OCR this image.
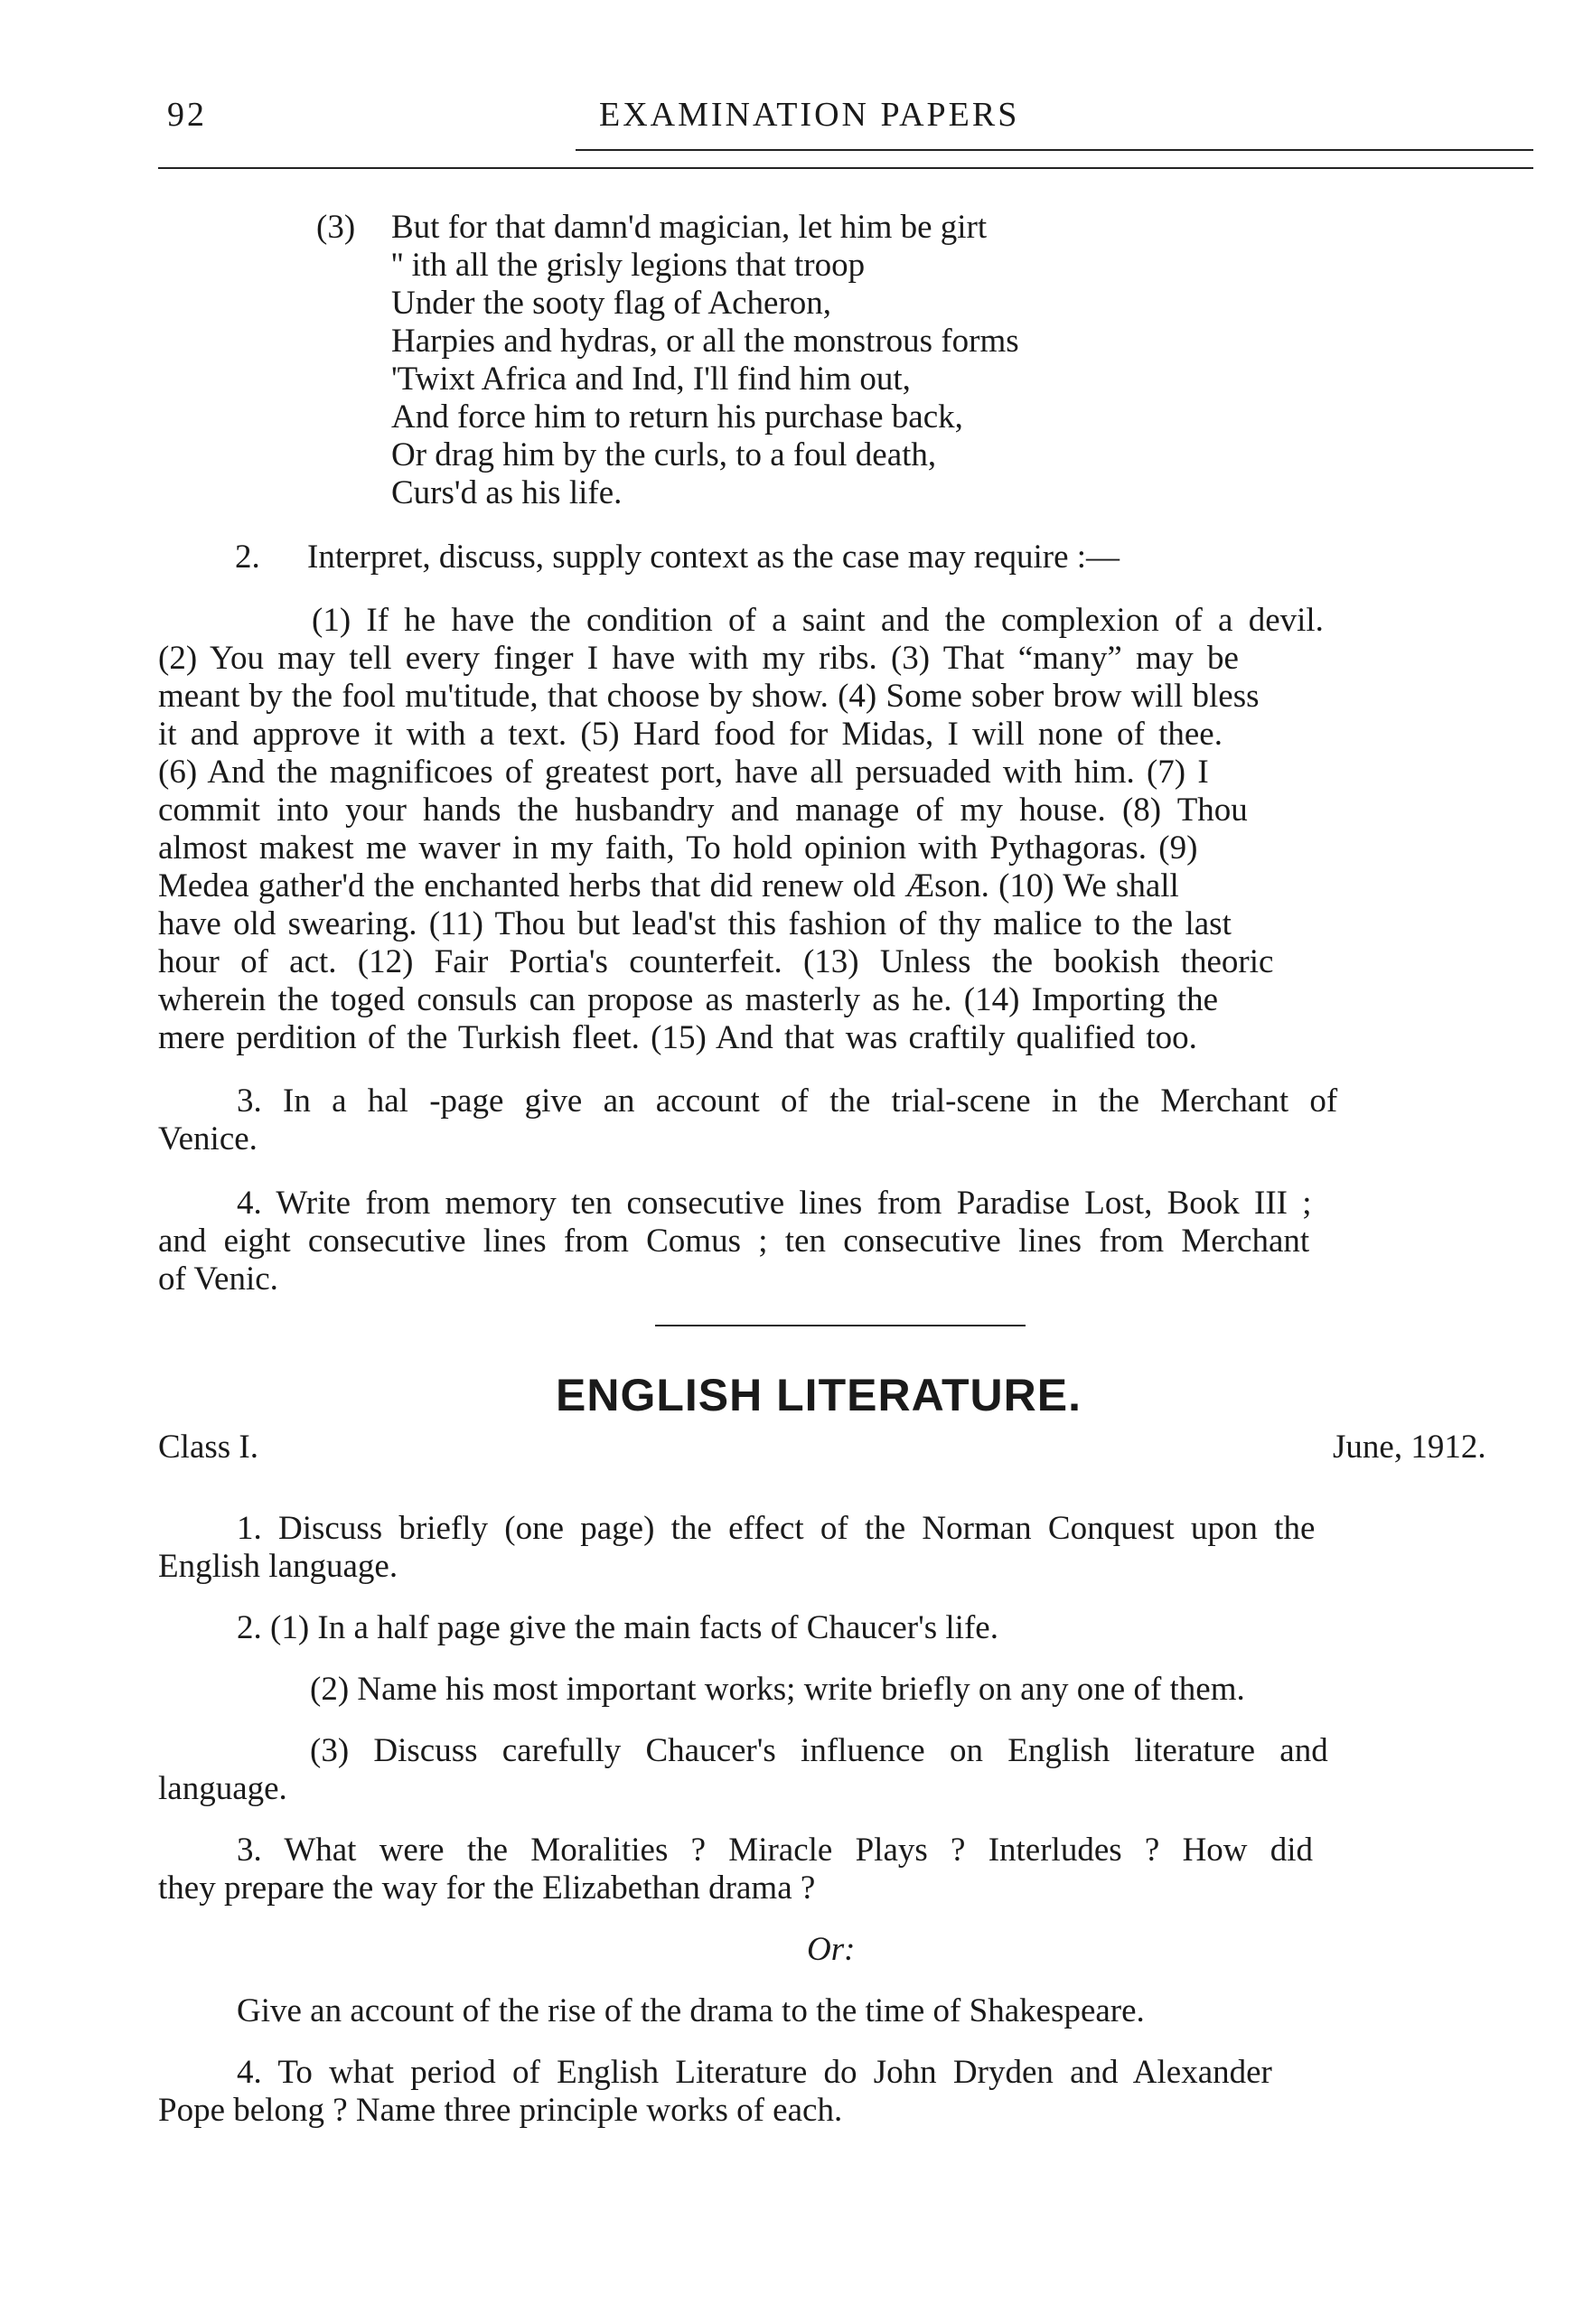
92	EXAMINATION PAPERS
(3) But for that damn'd magician, let him be girt
'' ith all the grisly legions that troop
Under the sooty flag of Acheron,
Harpies and hydras, or all the monstrous forms
'Twixt Africa and Ind, I'll find him out,
And force him to return his purchase back,
Or drag him by the curls, to a foul death,
Curs'd as his life.
2. Interpret, discuss, supply context as the case may require :—
(1) If he have the condition of a saint and the complexion of a devil.
(2) You may tell every finger I have with my ribs. (3) That “many” may be
meant by the fool mu'titude, that choose by show. (4) Some sober brow will bless
it and approve it with a text. (5) Hard food for Midas, I will none of thee.
(6) And the magnificoes of greatest port, have all persuaded with him. (7) I
commit into your hands the husbandry and manage of my house. (8) Thou
almost makest me waver in my faith, To hold opinion with Pythagoras. (9)
Medea gather'd the enchanted herbs that did renew old Æson. (10) We shall
have old swearing. (11) Thou but lead'st this fashion of thy malice to the last
hour of act. (12) Fair Portia's counterfeit. (13) Unless the bookish theoric
wherein the toged consuls can propose as masterly as he. (14) Importing the
mere perdition of the Turkish fleet. (15) And that was craftily qualified too.
3. In a hal -page give an account of the trial-scene in the Merchant of
Venice.
4. Write from memory ten consecutive lines from Paradise Lost, Book III ;
and eight consecutive lines from Comus ; ten consecutive lines from Merchant
of Venic.
ENGLISH LITERATURE.
Class I.	June, 1912.
1. Discuss briefly (one page) the effect of the Norman Conquest upon the
English language.
2. (1) In a half page give the main facts of Chaucer's life.
(2) Name his most important works; write briefly on any one of them.
(3) Discuss carefully Chaucer's influence on English literature and
language.
3. What were the Moralities ? Miracle Plays ? Interludes ? How did
they prepare the way for the Elizabethan drama ?
Or:
Give an account of the rise of the drama to the time of Shakespeare.
4. To what period of English Literature do John Dryden and Alexander
Pope belong ? Name three principle works of each.
